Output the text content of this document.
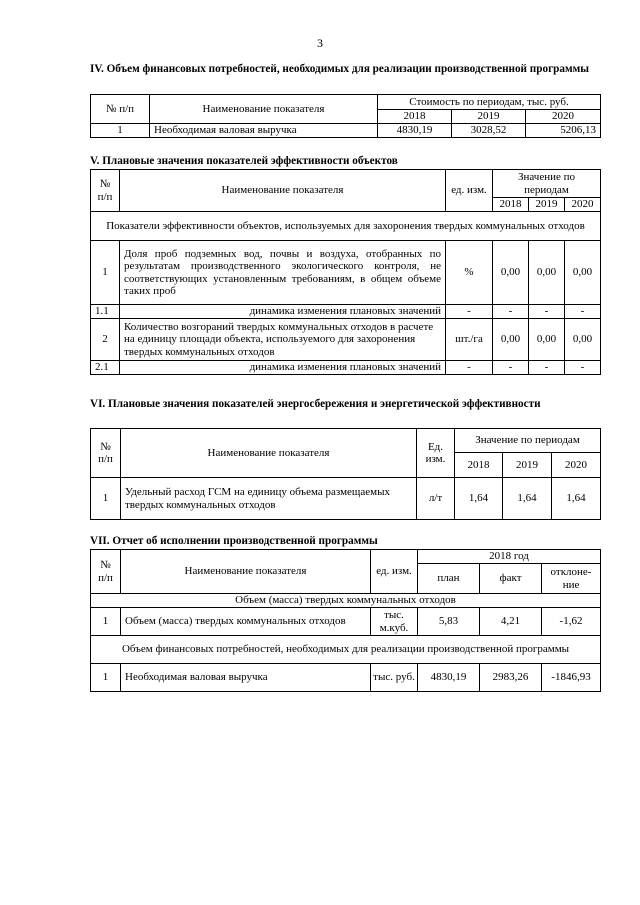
3
IV. Объем финансовых потребностей, необходимых для реализации производственной программы
№ п/п	Наименование показателя	Стоимость по периодам, тыс. руб.		
		2018	2019	2020
1	Необходимая валовая выручка	4830,19	3028,52	5206,13
V. Плановые значения показателей эффективности объектов
№ п/п	Наименование показателя	ед. изм.	Значение по периодам		
			2018	2019	2020
Показатели эффективности объектов, используемых для захоронения твердых коммунальных отходов					
1	Доля проб подземных вод, почвы и воздуха, отобранных по результатам производственного экологического контроля, не соответствующих установленным требованиям, в общем объеме таких проб	%	0,00	0,00	0,00
1.1	динамика изменения плановых значений	-	-	-	-
2	Количество возгораний твердых коммунальных отходов в расчете на единицу площади объекта, используемого для захоронения твердых коммунальных отходов	шт./га	0,00	0,00	0,00
2.1	динамика изменения плановых значений	-	-	-	-
VI. Плановые значения показателей энергосбережения и энергетической эффективности
№ п/п	Наименование показателя	Ед. изм.	Значение по периодам		
			2018	2019	2020
1	Удельный расход ГСМ на единицу объема размещаемых твердых коммунальных отходов	л/т	1,64	1,64	1,64
VII. Отчет об исполнении производственной программы
№ п/п	Наименование показателя	ед. изм.	2018 год		
			план	факт	отклоне-ние
Объем (масса) твердых коммунальных отходов					
1	Объем (масса) твердых коммунальных отходов	тыс. м.куб.	5,83	4,21	-1,62
Объем финансовых потребностей, необходимых для реализации производственной программы					
1	Необходимая валовая выручка	тыс. руб.	4830,19	2983,26	-1846,93
